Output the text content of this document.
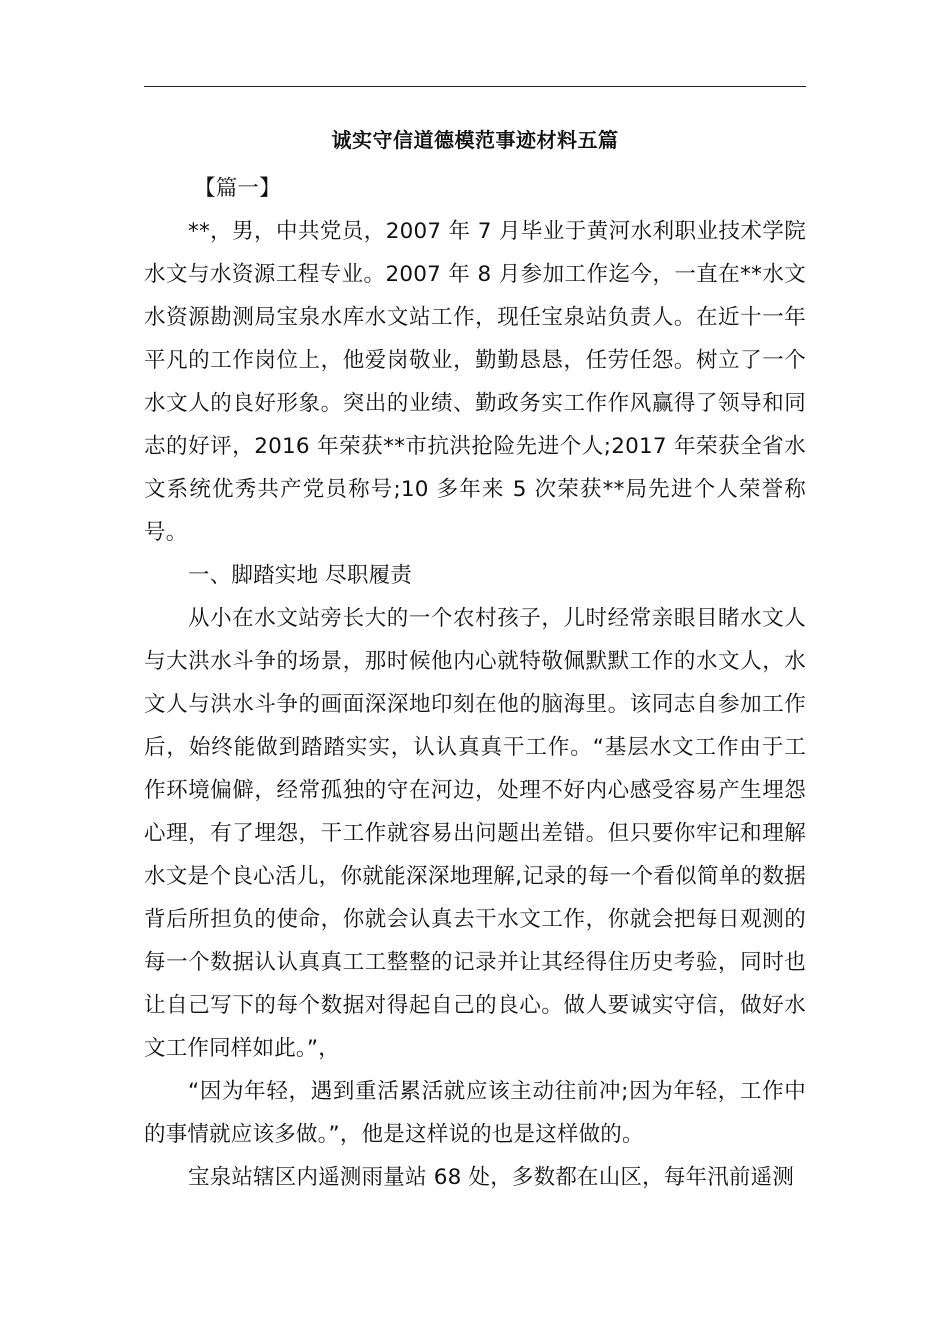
诚实守信道德模范事迹材料五篇

【篇一】

**，男，中共党员，2007 年 7 月毕业于黄河水利职业技术学院水文与水资源工程专业。2007 年 8 月参加工作迄今，一直在**水文水资源勘测局宝泉水库水文站工作，现任宝泉站负责人。在近十一年平凡的工作岗位上，他爱岗敬业，勤勤恳恳，任劳任怨。树立了一个水文人的良好形象。突出的业绩、勤政务实工作作风赢得了领导和同志的好评，2016 年荣获**市抗洪抢险先进个人;2017 年荣获全省水文系统优秀共产党员称号;10 多年来 5 次荣获**局先进个人荣誉称号。

一、脚踏实地 尽职履责

从小在水文站旁长大的一个农村孩子，儿时经常亲眼目睹水文人与大洪水斗争的场景，那时候他内心就特敬佩默默工作的水文人，水文人与洪水斗争的画面深深地印刻在他的脑海里。该同志自参加工作后，始终能做到踏踏实实，认认真真干工作。“基层水文工作由于工作环境偏僻，经常孤独的守在河边，处理不好内心感受容易产生埋怨心理，有了埋怨，干工作就容易出问题出差错。但只要你牢记和理解水文是个良心活儿，你就能深深地理解,记录的每一个看似简单的数据背后所担负的使命，你就会认真去干水文工作，你就会把每日观测的每一个数据认认真真工工整整的记录并让其经得住历史考验，同时也让自己写下的每个数据对得起自己的良心。做人要诚实守信，做好水文工作同样如此。”，

“因为年轻，遇到重活累活就应该主动往前冲;因为年轻，工作中的事情就应该多做。”，他是这样说的也是这样做的。

宝泉站辖区内遥测雨量站 68 处，多数都在山区，每年汛前遥测
